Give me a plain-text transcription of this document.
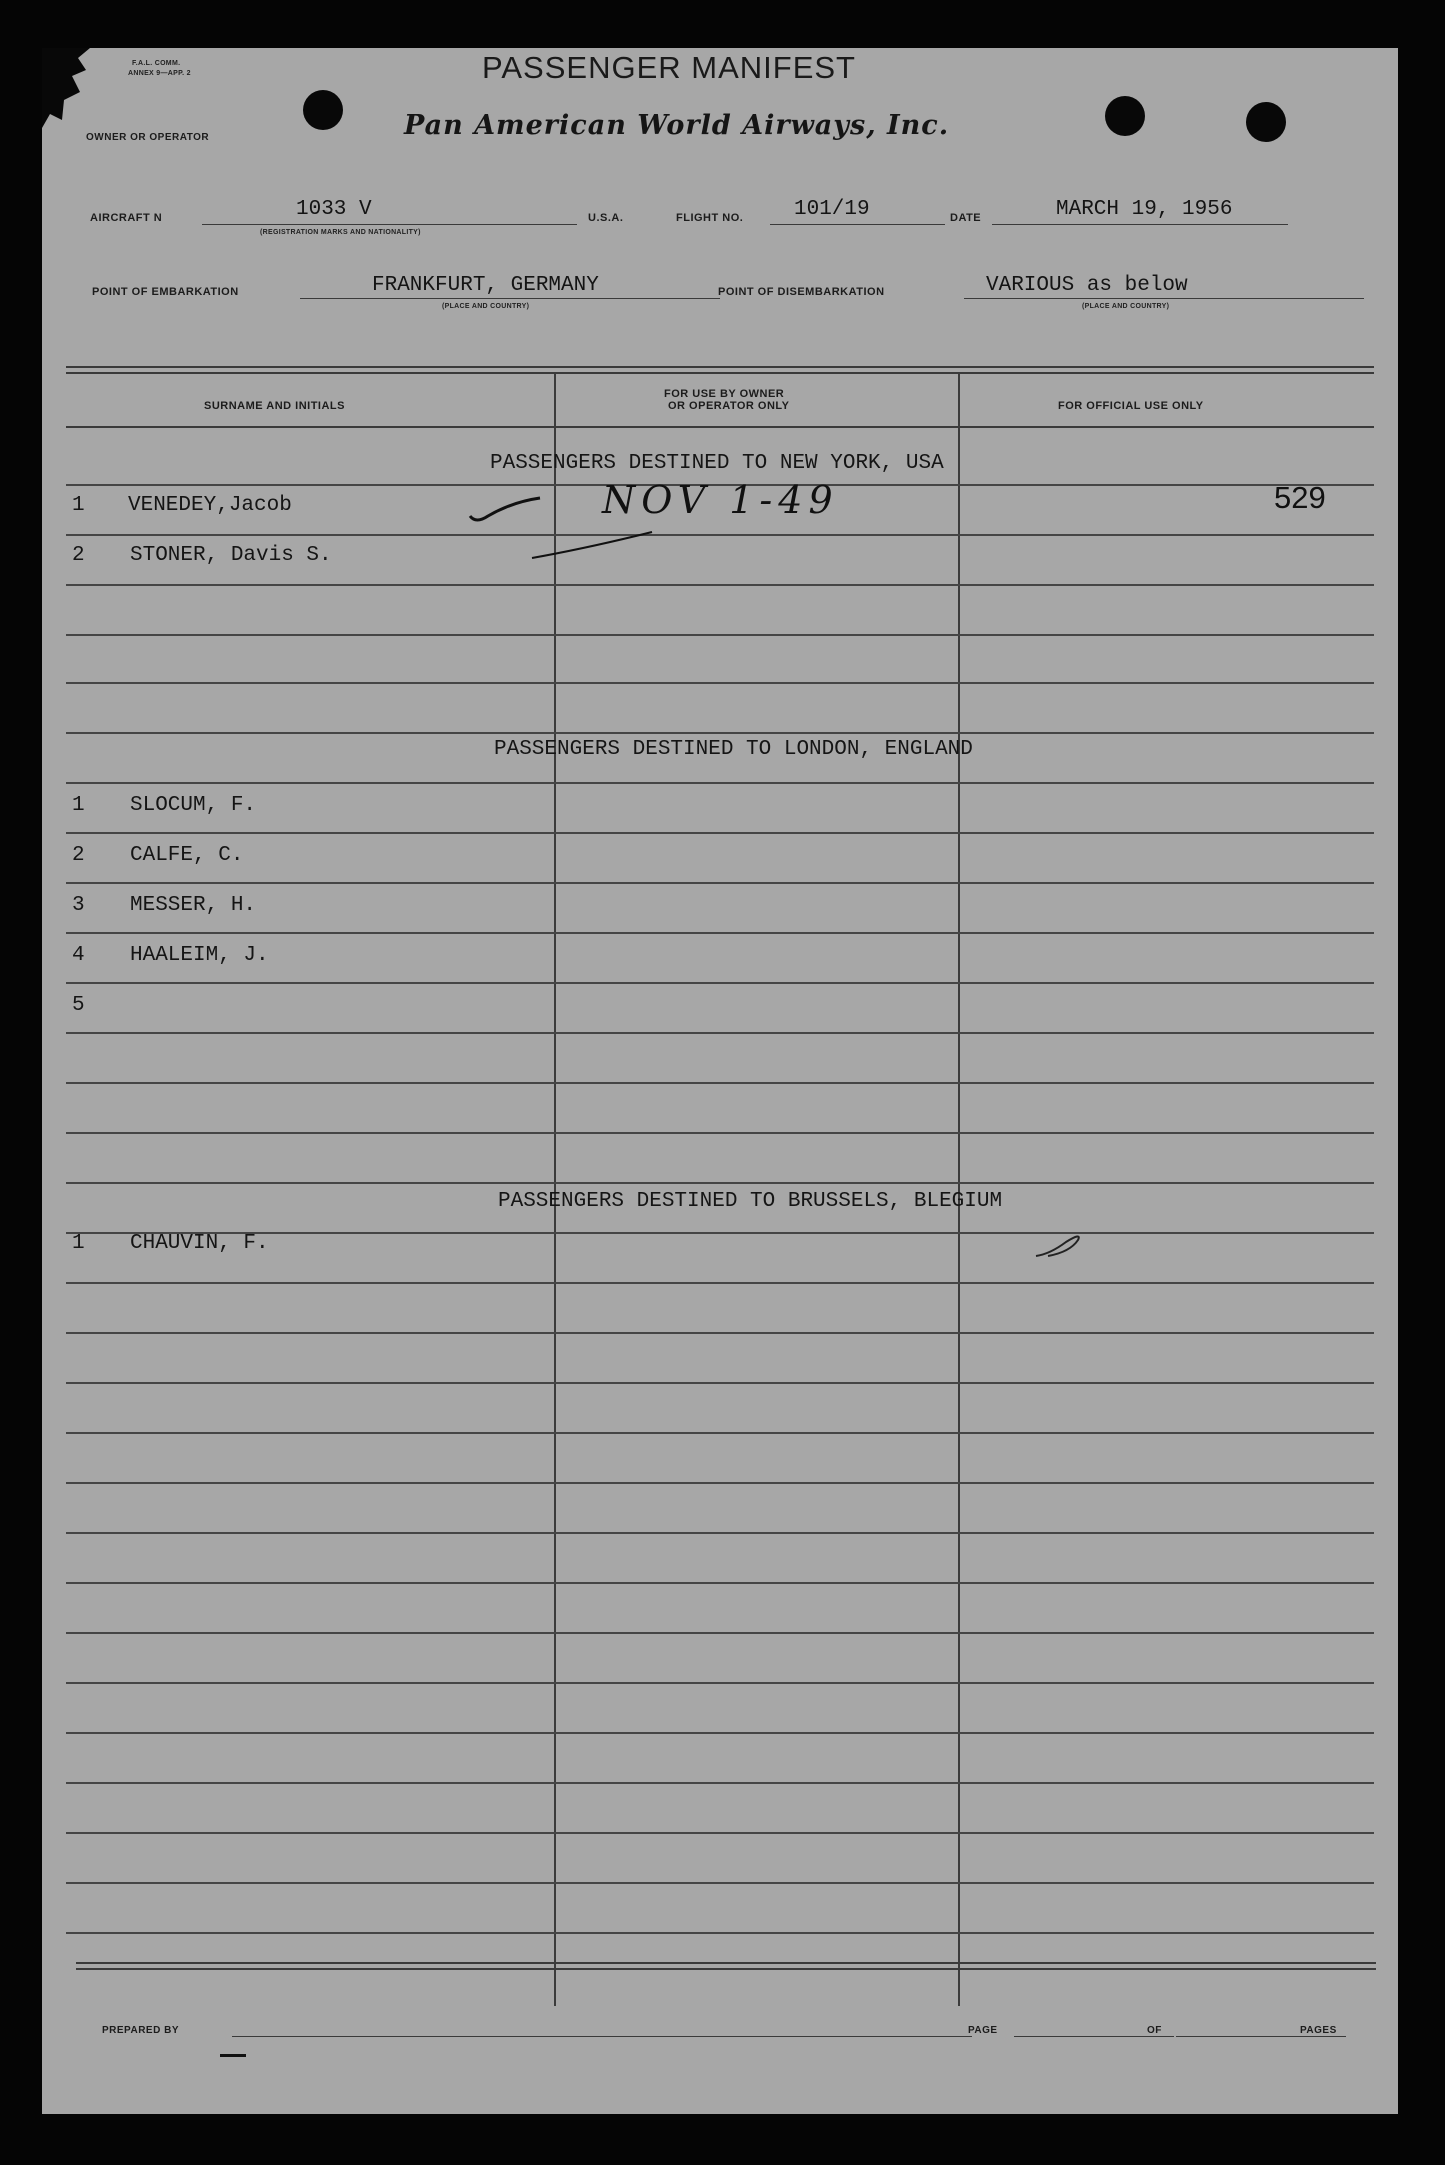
F.A.L. COMM.
ANNEX 9—APP. 2	PASSENGER MANIFEST
OWNER OR OPERATOR	Pan American World Airways, Inc.
AIRCRAFT N	1033 V
(REGISTRATION MARKS AND NATIONALITY)
U.S.A.	FLIGHT NO. 101/19	DATE	MARCH 19, 1956
POINT OF EMBARKATION	FRANKFURT, GERMANY
(PLACE AND COUNTRY)
POINT OF DISEMBARKATION	VARIOUS as below
(PLACE AND COUNTRY)
SURNAME AND INITIALS
FOR USE BY OWNER
OR OPERATOR ONLY	FOR OFFICIAL USE ONLY
PASSENGERS DESTINED TO NEW YORK, USA
1 VENEDEY,Jacob	NOV 1-49	529
2 STONER, Davis S.
PASSENGERS DESTINED TO LONDON, ENGLAND
1 SLOCUM, F.
2 CALFE, C.
3 MESSER, H.
4 HAALEIM, J.
5
PASSENGERS DESTINED TO BRUSSELS, BLEGIUM
1 CHAUVIN, F.
PREPARED BY	PAGE	OF	PAGES
